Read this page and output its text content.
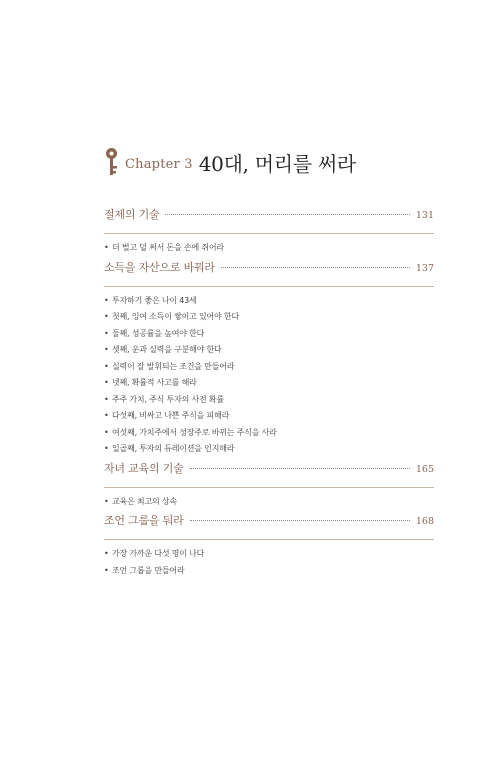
Chapter 3 40대, 머리를 써라
절제의 기술	131
• 더 벌고 덜 써서 돈을 손에 쥐어라
소득을 자산으로 바꿔라	137
• 투자하기 좋은 나이 43세
• 첫째, 잉여 소득이 쌓이고 있어야 한다
• 둘째, 성공률을 높여야 한다
• 셋째, 운과 실력을 구분해야 한다
• 실력이 잘 발휘되는 조건을 만들어라
• 넷째, 확률적 사고를 해라
• 주주 가치, 주식 투자의 사전 확률
• 다섯째, 비싸고 나쁜 주식을 피해라
• 여섯째, 가치주에서 성장주로 바뀌는 주식을 사라
• 일곱째, 투자의 듀레이션을 인지해라
자녀 교육의 기술	165
• 교육은 최고의 상속
조언 그룹을 둬라	168
• 가장 가까운 다섯 명이 나다
• 조언 그룹을 만들어라
